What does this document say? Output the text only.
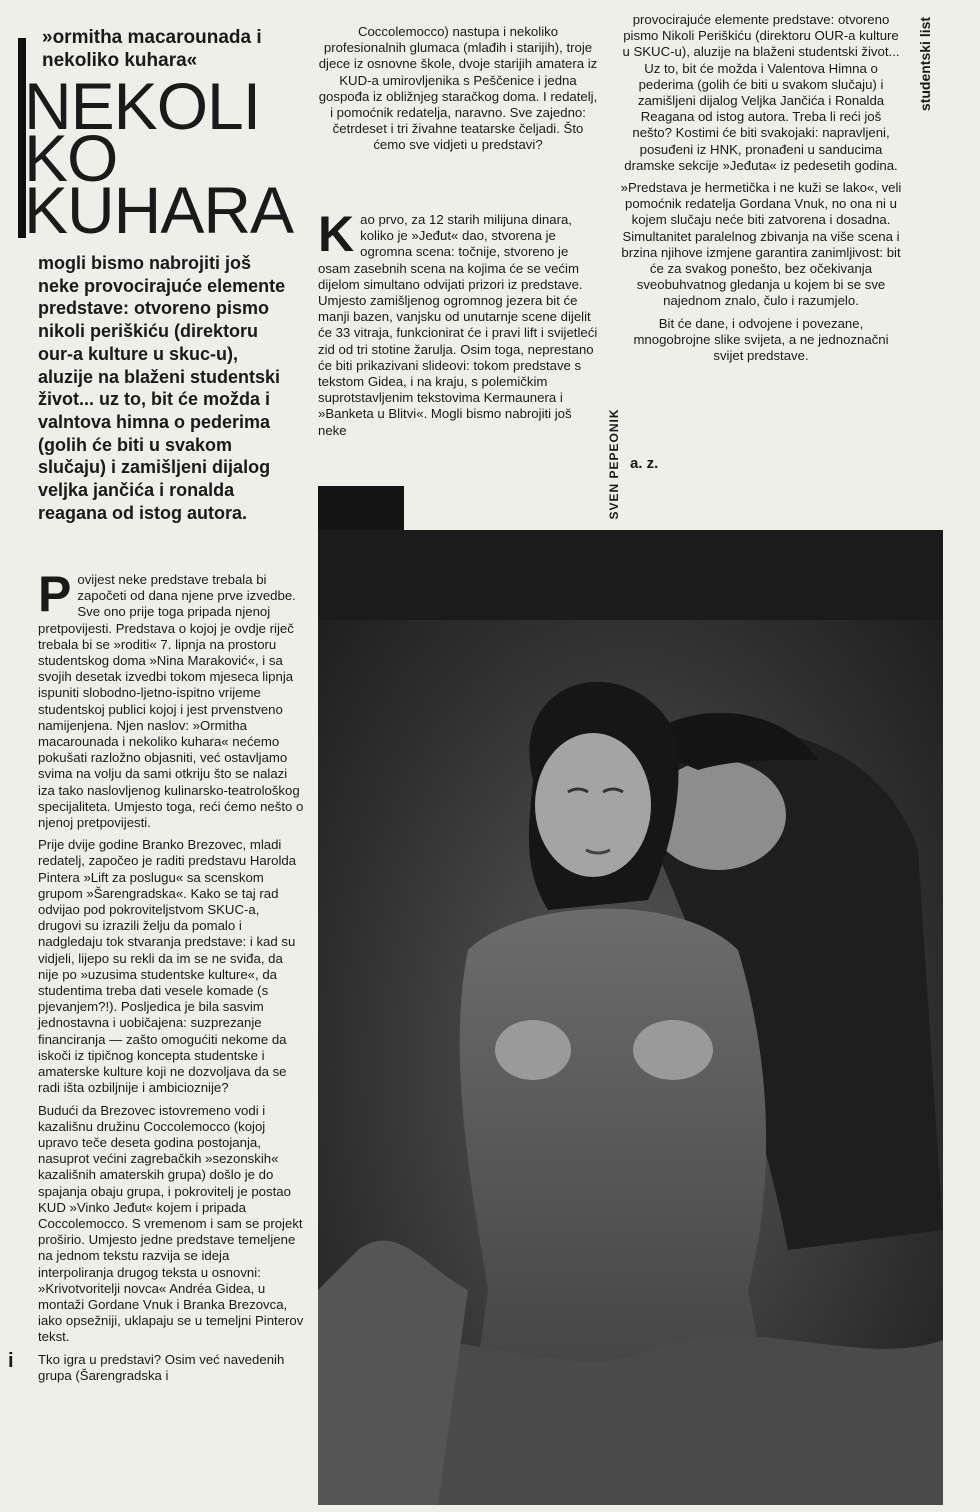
»ormitha macarounada i nekoliko kuhara«
NEKOLI
KO
KUHARA
mogli bismo nabrojiti još neke provocirajuće elemente predstave: otvoreno pismo nikoli periškiću (direktoru our-a kulture u skuc-u), aluzije na blaženi studentski život... uz to, bit će možda i valntova himna o pederima (golih će biti u svakom slučaju) i zamišljeni dijalog veljka jančića i ronalda reagana od istog autora.

Povijest neke predstave trebala bi započeti od dana njene prve izvedbe. Sve ono prije toga pripada njenoj pretpovijesti. Predstava o kojoj je ovdje riječ trebala bi se »roditi« 7. lipnja na prostoru studentskog doma »Nina Maraković«, i sa svojih desetak izvedbi tokom mjeseca lipnja ispuniti slobodno-ljetno-ispitno vrijeme studentskoj publici kojoj i jest prvenstveno namijenjena. Njen naslov: »Ormitha macarounada i nekoliko kuhara« nećemo pokušati razložno objasniti, već ostavljamo svima na volju da sami otkriju što se nalazi iza tako naslovljenog kulinarsko-teatrološkog specijaliteta. Umjesto toga, reći ćemo nešto o njenoj pretpovijesti.

Prije dvije godine Branko Brezovec, mladi redatelj, započeo je raditi predstavu Harolda Pintera »Lift za poslugu« sa scenskom grupom »Šarengradska«. Kako se taj rad odvijao pod pokroviteljstvom SKUC-a, drugovi su izrazili želju da pomalo i nadgledaju tok stvaranja predstave: i kad su vidjeli, lijepo su rekli da im se ne sviđa, da nije po »uzusima studentske kulture«, da studentima treba dati vesele komade (s pjevanjem?!). Posljedica je bila sasvim jednostavna i uobičajena: suzprezanje financiranja — zašto omogućiti nekome da iskoči iz tipičnog koncepta studentske i amaterske kulture koji ne dozvoljava da se radi išta ozbiljnije i ambicioznije?

Budući da Brezovec istovremeno vodi i kazališnu družinu Coccolemocco (kojoj upravo teče deseta godina postojanja, nasuprot većini zagrebačkih »sezonskih« kazališnih amaterskih grupa) došlo je do spajanja obaju grupa, i pokrovitelj je postao KUD »Vinko Jeđut« kojem i pripada Coccolemocco. S vremenom i sam se projekt proširio. Umjesto jedne predstave temeljene na jednom tekstu razvija se ideja interpoliranja drugog teksta u osnovni: »Krivotvoritelji novca« Andréa Gidea, u montaži Gordane Vnuk i Branka Brezovca, iako opsežniji, uklapaju se u temeljni Pinterov tekst.

Tko igra u predstavi? Osim već navedenih grupa (Šarengradska i

Coccolemocco) nastupa i nekoliko profesionalnih glumaca (mlađih i starijih), troje djece iz osnovne škole, dvoje starijih amatera iz KUD-a umirovljenika s Peščenice i jedna gospođa iz obližnjeg staračkog doma. I redatelj, i pomoćnik redatelja, naravno. Sve zajedno: četrdeset i tri živahne teatarske čeljadi. Što ćemo sve vidjeti u predstavi?

Kao prvo, za 12 starih milijuna dinara, koliko je »Jeđut« dao, stvorena je ogromna scena: točnije, stvoreno je osam zasebnih scena na kojima će se većim dijelom simultano odvijati prizori iz predstave. Umjesto zamišljenog ogromnog jezera bit će manji bazen, vanjsku od unutarnje scene dijelit će 33 vitraja, funkcionirat će i pravi lift i svijetleći zid od tri stotine žarulja. Osim toga, neprestano će biti prikazivani slideovi: tokom predstave s tekstom Gidea, i na kraju, s polemičkim suprotstavljenim tekstovima Kermaunera i »Banketa u Blitvi«. Mogli bismo nabrojiti još neke

provocirajuće elemente predstave: otvoreno pismo Nikoli Periškiću (direktoru OUR-a kulture u SKUC-u), aluzije na blaženi studentski život... Uz to, bit će možda i Valentova Himna o pederima (golih će biti u svakom slučaju) i zamišljeni dijalog Veljka Jančića i Ronalda Reagana od istog autora. Treba li reći još nešto? Kostimi će biti svakojaki: napravljeni, posuđeni iz HNK, pronađeni u sanducima dramske sekcije »Jeđuta« iz pedesetih godina.

»Predstava je hermetička i ne kuži se lako«, veli pomoćnik redatelja Gordana Vnuk, no ona ni u kojem slučaju neće biti zatvorena i dosadna. Simultanitet paralelnog zbivanja na više scena i brzina njihove izmjene garantira zanimljivost: bit će za svakog ponešto, bez očekivanja sveobuhvatnog gledanja u kojem bi se sve najednom znalo, čulo i razumjelo.

Bit će dane, i odvojene i povezane, mnogobrojne slike svijeta, a ne jednoznačni svijet predstave.

a. z.
studentski list
SVEN PEPEONIK
i
